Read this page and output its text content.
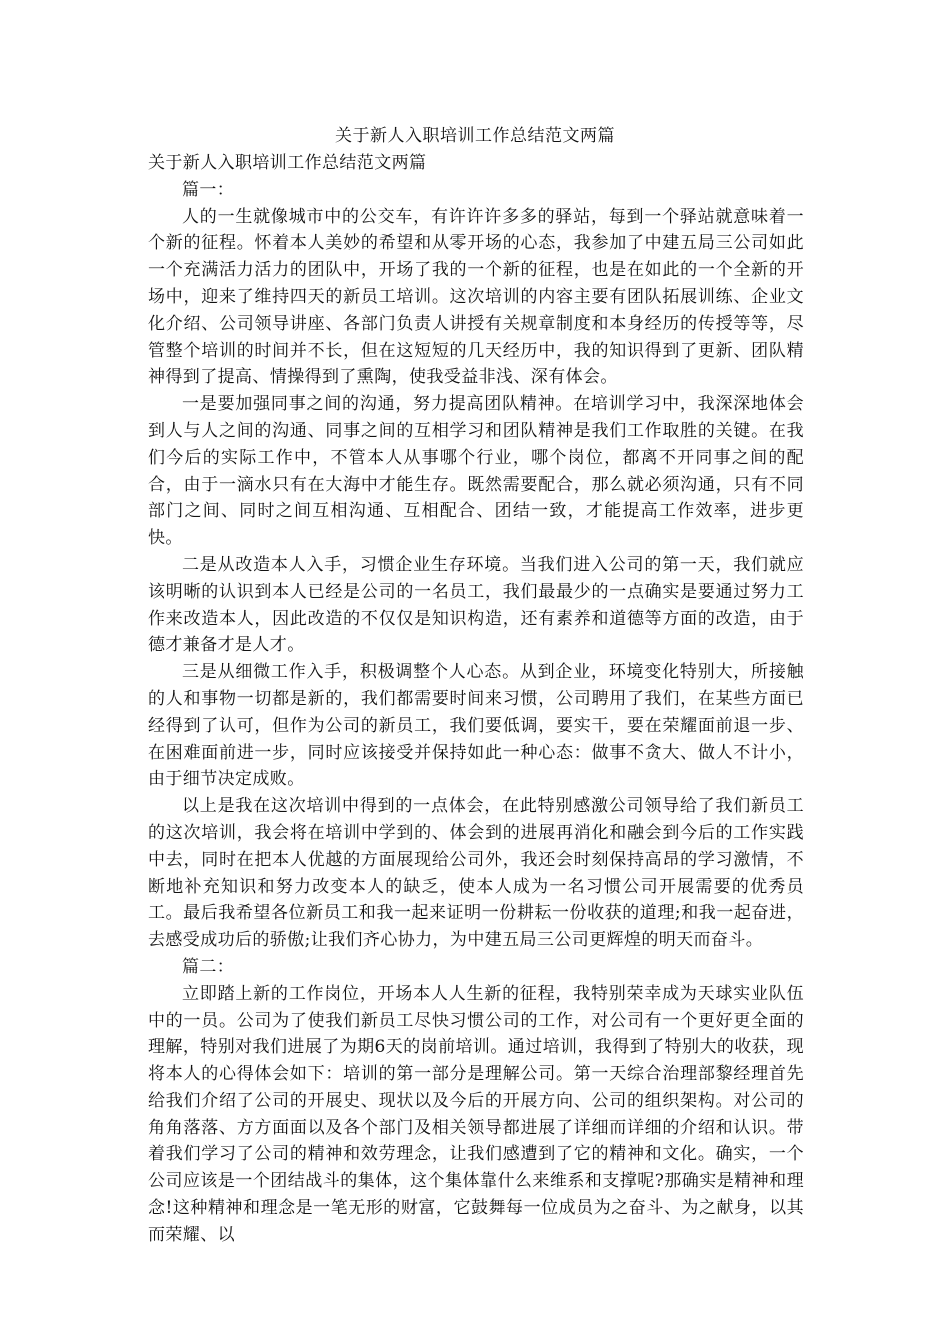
关于新人入职培训工作总结范文两篇

关于新人入职培训工作总结范文两篇

篇一：

人的一生就像城市中的公交车，有许许许多多的驿站，每到一个驿站就意味着一个新的征程。怀着本人美妙的希望和从零开场的心态，我参加了中建五局三公司如此一个充满活力活力的团队中，开场了我的一个新的征程，也是在如此的一个全新的开场中，迎来了维持四天的新员工培训。这次培训的内容主要有团队拓展训练、企业文化介绍、公司领导讲座、各部门负责人讲授有关规章制度和本身经历的传授等等，尽管整个培训的时间并不长，但在这短短的几天经历中，我的知识得到了更新、团队精神得到了提高、情操得到了熏陶，使我受益非浅、深有体会。

一是要加强同事之间的沟通，努力提高团队精神。在培训学习中，我深深地体会到人与人之间的沟通、同事之间的互相学习和团队精神是我们工作取胜的关键。在我们今后的实际工作中，不管本人从事哪个行业，哪个岗位，都离不开同事之间的配合，由于一滴水只有在大海中才能生存。既然需要配合，那么就必须沟通，只有不同部门之间、同时之间互相沟通、互相配合、团结一致，才能提高工作效率，进步更快。

二是从改造本人入手，习惯企业生存环境。当我们进入公司的第一天，我们就应该明晰的认识到本人已经是公司的一名员工，我们最最少的一点确实是要通过努力工作来改造本人，因此改造的不仅仅是知识构造，还有素养和道德等方面的改造，由于德才兼备才是人才。

三是从细微工作入手，积极调整个人心态。从到企业，环境变化特别大，所接触的人和事物一切都是新的，我们都需要时间来习惯，公司聘用了我们，在某些方面已经得到了认可，但作为公司的新员工，我们要低调，要实干，要在荣耀面前退一步、在困难面前进一步，同时应该接受并保持如此一种心态：做事不贪大、做人不计小，由于细节决定成败。

以上是我在这次培训中得到的一点体会，在此特别感激公司领导给了我们新员工的这次培训，我会将在培训中学到的、体会到的进展再消化和融会到今后的工作实践中去，同时在把本人优越的方面展现给公司外，我还会时刻保持高昂的学习激情，不断地补充知识和努力改变本人的缺乏，使本人成为一名习惯公司开展需要的优秀员工。最后我希望各位新员工和我一起来证明一份耕耘一份收获的道理;和我一起奋进，去感受成功后的骄傲;让我们齐心协力，为中建五局三公司更辉煌的明天而奋斗。

篇二：

立即踏上新的工作岗位，开场本人人生新的征程，我特别荣幸成为天球实业队伍中的一员。公司为了使我们新员工尽快习惯公司的工作，对公司有一个更好更全面的理解，特别对我们进展了为期6天的岗前培训。通过培训，我得到了特别大的收获，现将本人的心得体会如下：培训的第一部分是理解公司。第一天综合治理部黎经理首先给我们介绍了公司的开展史、现状以及今后的开展方向、公司的组织架构。对公司的角角落落、方方面面以及各个部门及相关领导都进展了详细而详细的介绍和认识。带着我们学习了公司的精神和效劳理念，让我们感遭到了它的精神和文化。确实，一个公司应该是一个团结战斗的集体，这个集体靠什么来维系和支撑呢?那确实是精神和理念!这种精神和理念是一笔无形的财富，它鼓舞每一位成员为之奋斗、为之献身，以其而荣耀、以
